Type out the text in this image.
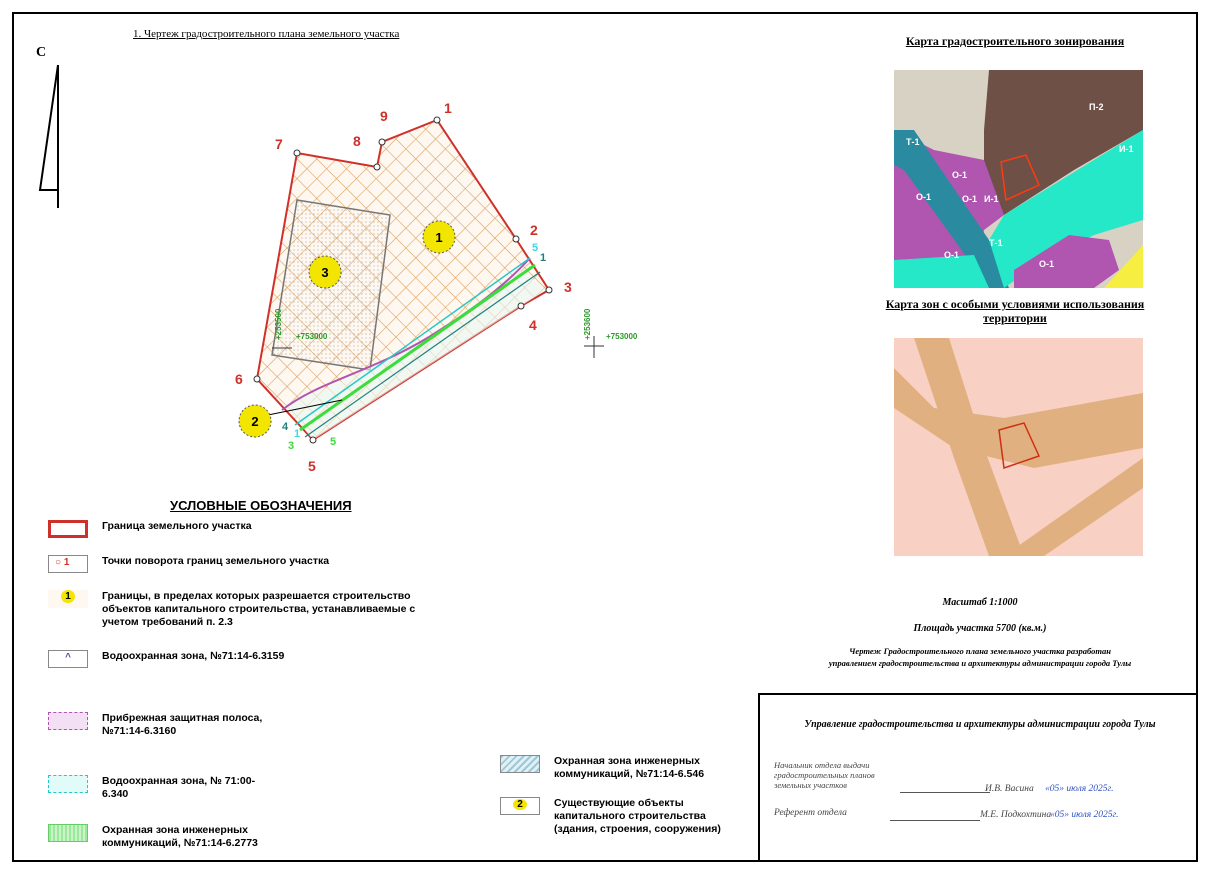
1. Чертеж градостроительного плана земельного участка
С
1
2
3
4
5
6
7	8
9
1
2
3
5
1
4
1
3	5
+253500 +753000	+253600 +753000
Карта градостроительного зонирования
П-2
И-1
Т-1
О-1
О-1	О-1 И-1
Т-1
О-1
О-1
Карта зон с особыми условиями использования территории
УСЛОВНЫЕ ОБОЗНАЧЕНИЯ
Граница земельного участка
○ 1	Точки поворота границ земельного участка
1	Границы, в пределах которых разрешается строительство объектов капитального строительства, устанавливаемые с учетом требований п. 2.3
^	Водоохранная зона, №71:14-6.3159
Прибрежная защитная полоса, №71:14-6.3160
Водоохранная зона, № 71:00-6.340
Охранная зона инженерных коммуникаций, №71:14-6.2773
Охранная зона инженерных коммуникаций, №71:14-6.546
2	Существующие объекты капитального строительства (здания, строения, сооружения)
Масштаб 1:1000
Площадь участка 5700 (кв.м.)
Чертеж Градостроительного плана земельного участка разработан
управлением градостроительства и архитектуры администрации города Тулы
Управление градостроительства и архитектуры администрации города Тулы
Начальник отдела выдачи градостроительных планов земельных участков	И.В. Васина «05» июля 2025г.
Референт отдела	М.Е. Подкохтина
«05» июля 2025г.
